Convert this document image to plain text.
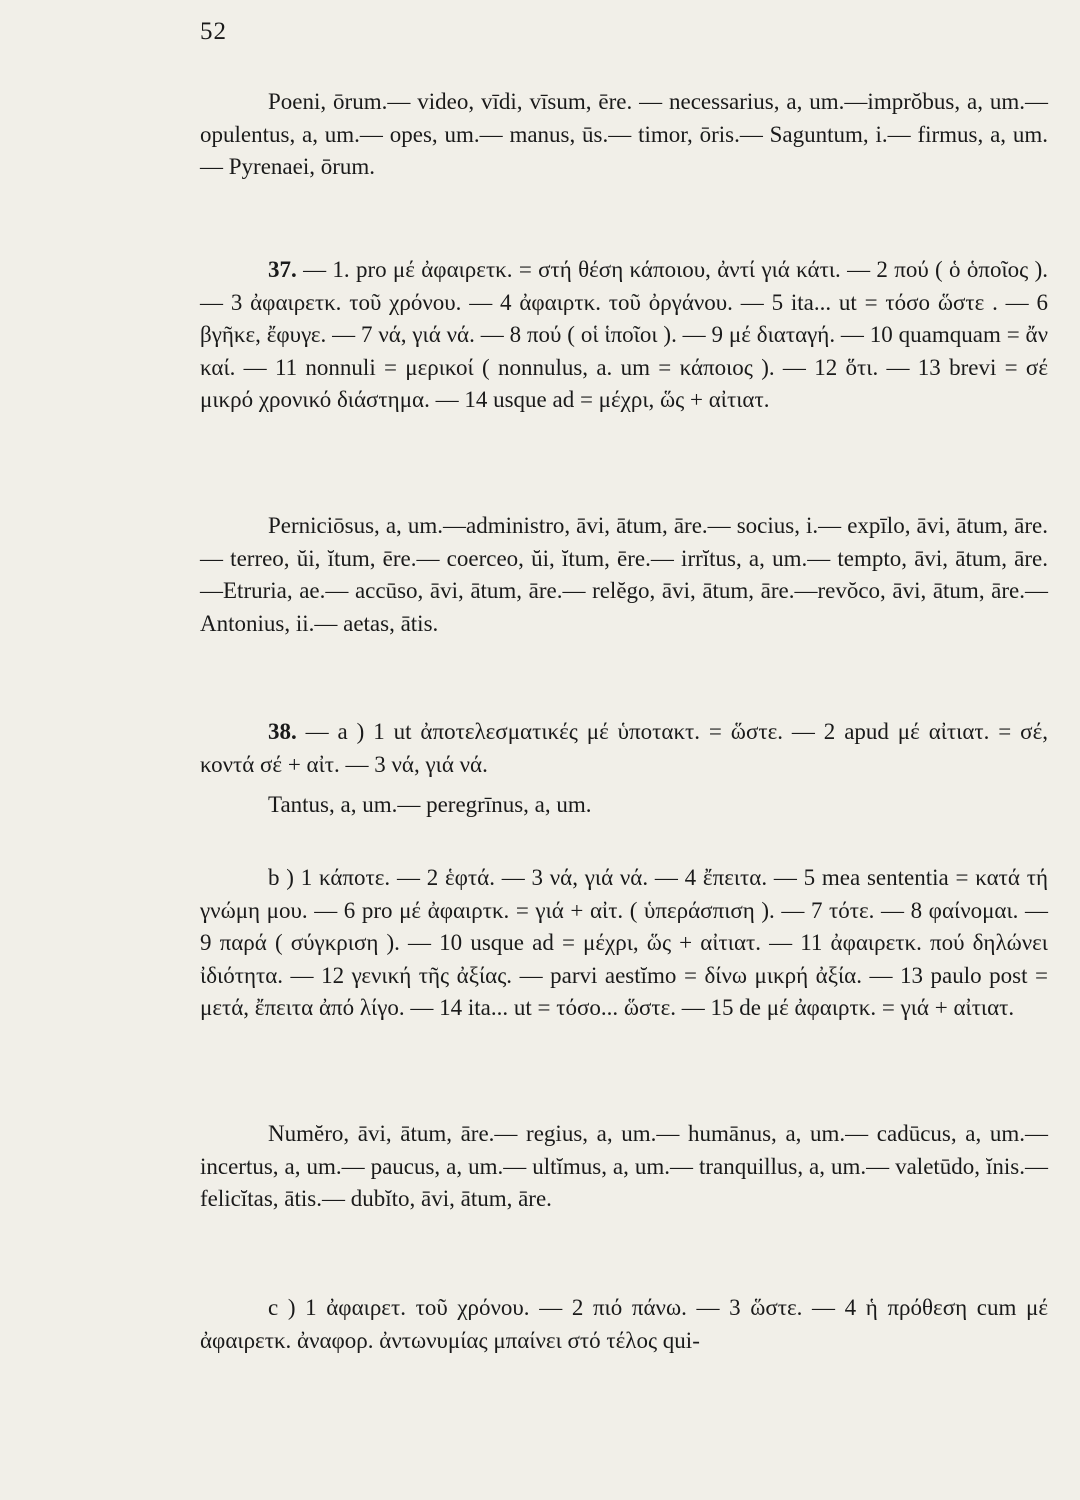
52

Poeni, ōrum.— video, vīdi, vīsum, ēre. — necessarius, a, um.—imprŏbus, a, um.— opulentus, a, um.— opes, um.— manus, ūs.— timor, ōris.— Saguntum, i.— firmus, a, um.— Pyrenaei, ōrum.

37. — 1. pro μέ ἀφαιρετκ. = στή θέση κάποιου, ἀντί γιά κάτι. — 2 πού ( ὁ ὁποῖος ). — 3 ἀφαιρετκ. τοῦ χρόνου. — 4 ἀφαιρτκ. τοῦ ὀργάνου. — 5 ita... ut = τόσο ὥστε . — 6 βγῆκε, ἔφυγε. — 7 νά, γιά νά. — 8 πού ( οἱ ἱποῖοι ). — 9 μέ διαταγή. — 10 quamquam = ἄν καί. — 11 nonnuli = μερικοί ( nonnulus, a. um = κάποιος ). — 12 ὅτι. — 13 brevi = σέ μικρό χρονικό διάστημα. — 14 usque ad = μέχρι, ὥς + αἰτιατ.

Perniciōsus, a, um.—administro, āvi, ātum, āre.— socius, i.— expīlo, āvi, ātum, āre.— terreo, ŭi, ĭtum, ēre.— coerceo, ŭi, ĭtum, ēre.— irrĭtus, a, um.— tempto, āvi, ātum, āre.—Etruria, ae.— accūso, āvi, ātum, āre.— relĕgo, āvi, ātum, āre.—revŏco, āvi, ātum, āre.— Antonius, ii.— aetas, ātis.

38. — a ) 1 ut ἀποτελεσματικές μέ ὑποτακτ. = ὥστε. — 2 apud μέ αἰτιατ. = σέ, κοντά σέ + αἰτ. — 3 νά, γιά νά.

Tantus, a, um.— peregrīnus, a, um.

b ) 1 κάποτε. — 2 ἑφτά. — 3 νά, γιά νά. — 4 ἔπειτα. — 5 mea sententia = κατά τή γνώμη μου. — 6 pro μέ ἀφαιρτκ. = γιά + αἰτ. ( ὑπεράσπιση ). — 7 τότε. — 8 φαίνομαι. — 9 παρά ( σύγκριση ). — 10 usque ad = μέχρι, ὥς + αἰτιατ. — 11 ἀφαιρετκ. πού δηλώνει ἰδιότητα. — 12 γενική τῆς ἀξίας. — parvi aestĭmo = δίνω μικρή ἀξία. — 13 paulo post = μετά, ἔπειτα ἀπό λίγο. — 14 ita... ut = τόσο... ὥστε. — 15 de μέ ἀφαιρτκ. = γιά + αἰτιατ.

Numĕro, āvi, ātum, āre.— regius, a, um.— humānus, a, um.— cadūcus, a, um.— incertus, a, um.— paucus, a, um.— ultĭmus, a, um.— tranquillus, a, um.— valetūdo, ĭnis.— felicĭtas, ātis.— dubĭto, āvi, ātum, āre.

c ) 1 ἀφαιρετ. τοῦ χρόνου. — 2 πιό πάνω. — 3 ὥστε. — 4 ἡ πρόθεση cum μέ ἀφαιρετκ. ἀναφορ. ἀντωνυμίας μπαίνει στό τέλος qui-
